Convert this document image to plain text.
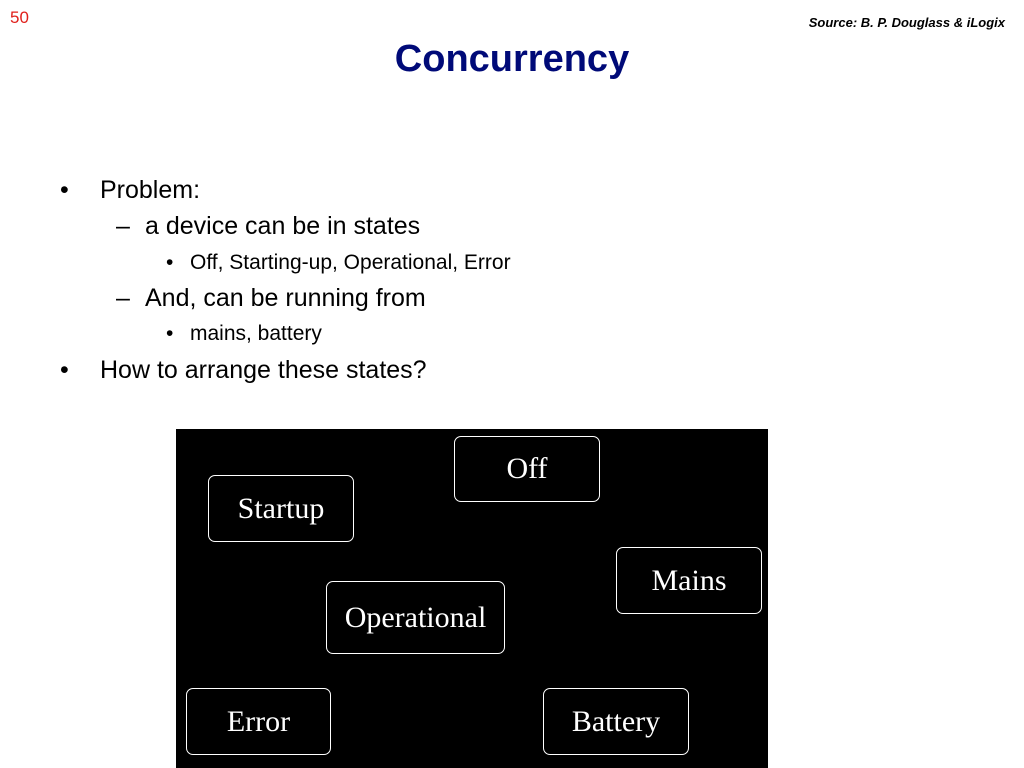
50	Source: B. P. Douglass & iLogix
Concurrency
• Problem:
– a device can be in states
• Off, Starting-up, Operational, Error
– And, can be running from
• mains, battery
• How to arrange these states?
Off
Startup
Mains
Operational
Error	Battery
